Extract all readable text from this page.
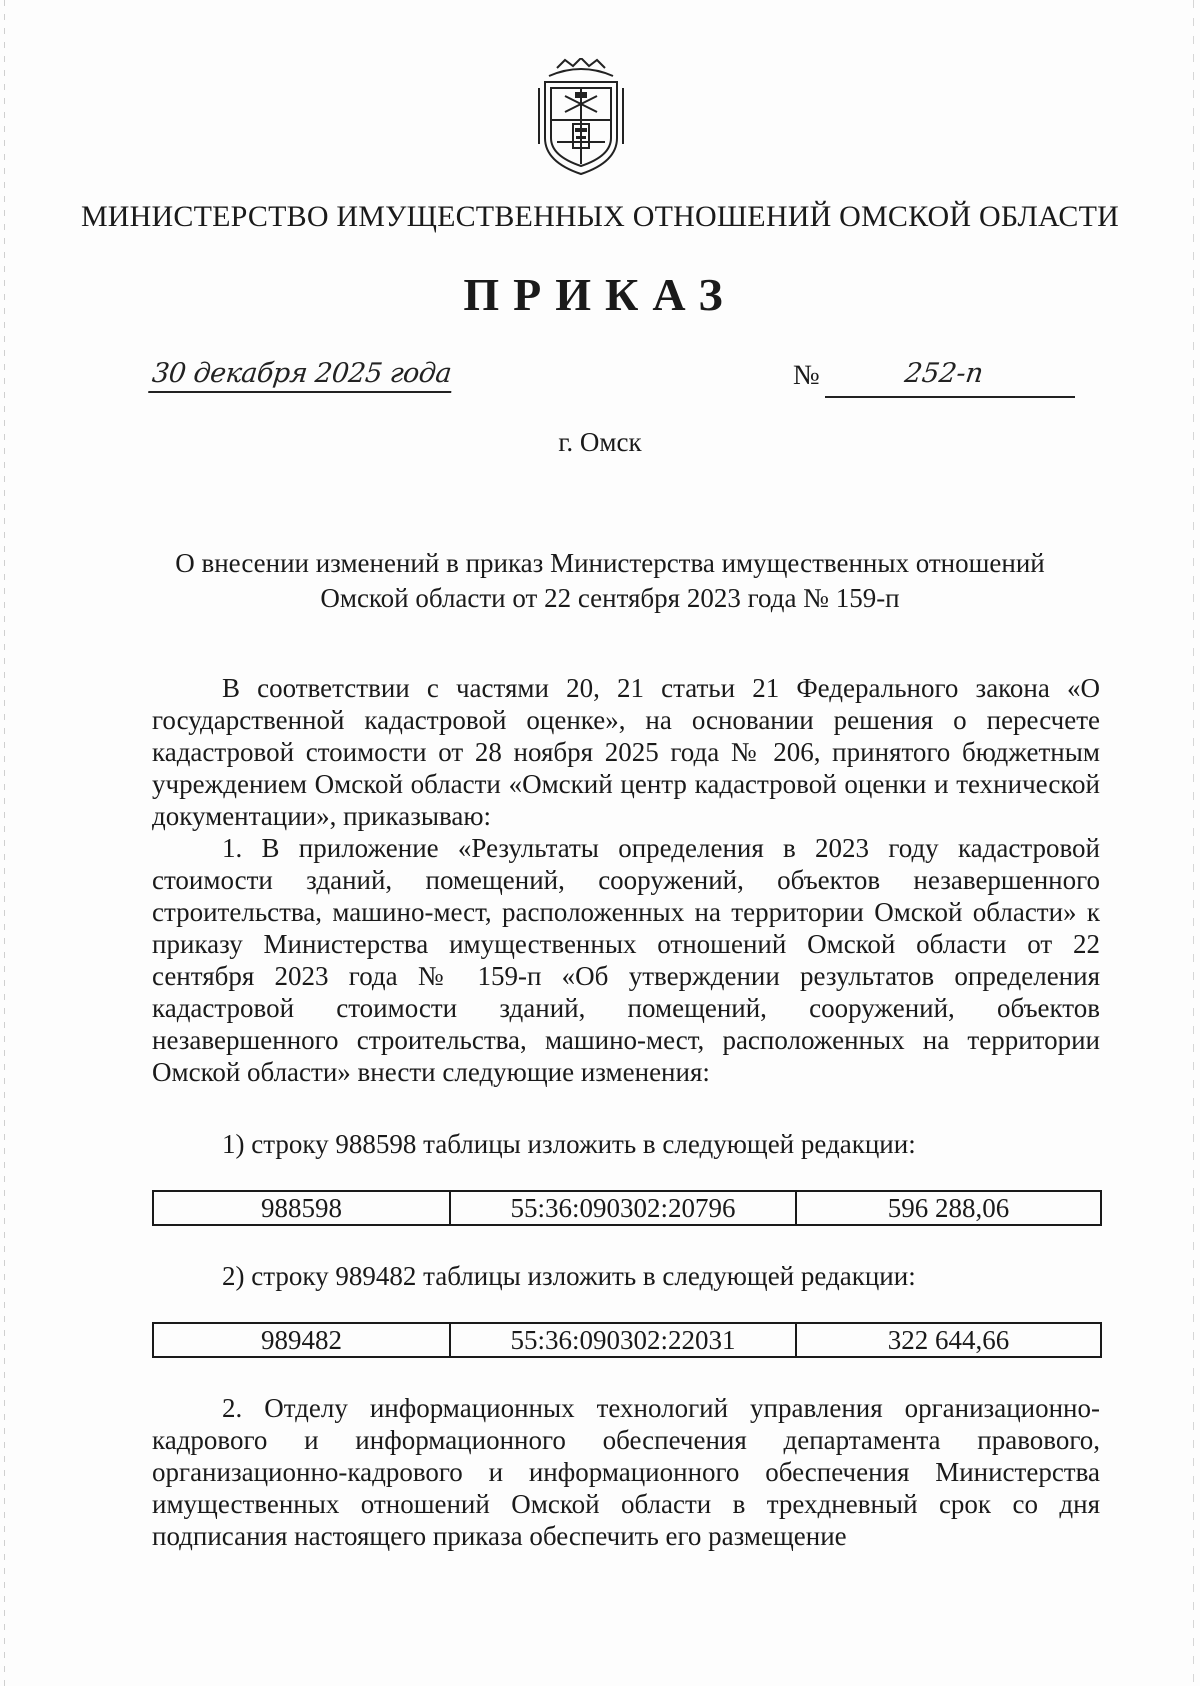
МИНИСТЕРСТВО ИМУЩЕСТВЕННЫХ ОТНОШЕНИЙ ОМСКОЙ ОБЛАСТИ
ПРИКАЗ
30 декабря 2025 года	№	252-п
г. Омск
О внесении изменений в приказ Министерства имущественных отношений Омской области от 22 сентября 2023 года № 159-п

В соответствии с частями 20, 21 статьи 21 Федерального закона «О государственной кадастровой оценке», на основании решения о пересчете кадастровой стоимости от 28 ноября 2025 года № 206, принятого бюджетным учреждением Омской области «Омский центр кадастровой оценки и технической документации», приказываю:

1. В приложение «Результаты определения в 2023 году кадастровой стоимости зданий, помещений, сооружений, объектов незавершенного строительства, машино-мест, расположенных на территории Омской области» к приказу Министерства имущественных отношений Омской области от 22 сентября 2023 года № 159-п «Об утверждении результатов определения кадастровой стоимости зданий, помещений, сооружений, объектов незавершенного строительства, машино-мест, расположенных на территории Омской области» внести следующие изменения:

1) строку 988598 таблицы изложить в следующей редакции:

988598	55:36:090302:20796	596 288,06

2) строку 989482 таблицы изложить в следующей редакции:

989482	55:36:090302:22031	322 644,66

2. Отделу информационных технологий управления организационно-кадрового и информационного обеспечения департамента правового, организационно-кадрового и информационного обеспечения Министерства имущественных отношений Омской области в трехдневный срок со дня подписания настоящего приказа обеспечить его размещение
